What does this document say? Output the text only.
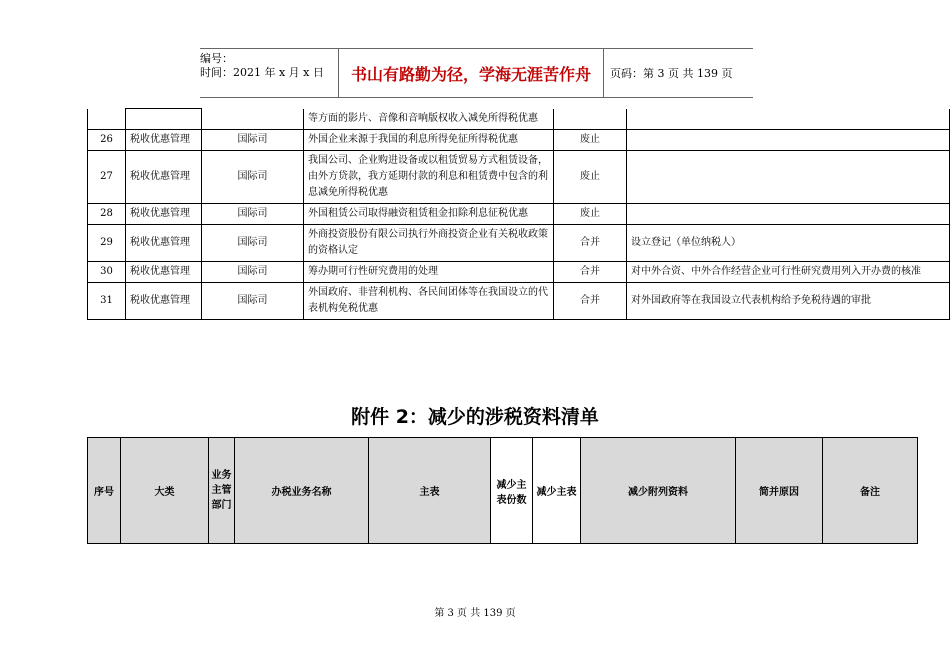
编号：
时间：2021 年 x 月 x 日	书山有路勤为径，学海无涯苦作舟	页码：第 3 页 共 139 页
			等方面的影片、音像和音响版权收入减免所得税优惠		
26	税收优惠管理	国际司	外国企业来源于我国的利息所得免征所得税优惠	废止	
27	税收优惠管理	国际司	我国公司、企业购进设备或以租赁贸易方式租赁设备，由外方贷款，我方延期付款的利息和租赁费中包含的利息减免所得税优惠	废止	
28	税收优惠管理	国际司	外国租赁公司取得融资租赁租金扣除利息征税优惠	废止	
29	税收优惠管理	国际司	外商投资股份有限公司执行外商投资企业有关税收政策的资格认定	合并	设立登记（单位纳税人）
30	税收优惠管理	国际司	筹办期可行性研究费用的处理	合并	对中外合资、中外合作经营企业可行性研究费用列入开办费的核准
31	税收优惠管理	国际司	外国政府、非营利机构、各民间团体等在我国设立的代表机构免税优惠	合并	对外国政府等在我国设立代表机构给予免税待遇的审批
附件 2：减少的涉税资料清单
序号	大类	业务主管部门	办税业务名称	主表	减少主表份数	减少主表	减少附列资料	简并原因	备注
第 3 页 共 139 页
